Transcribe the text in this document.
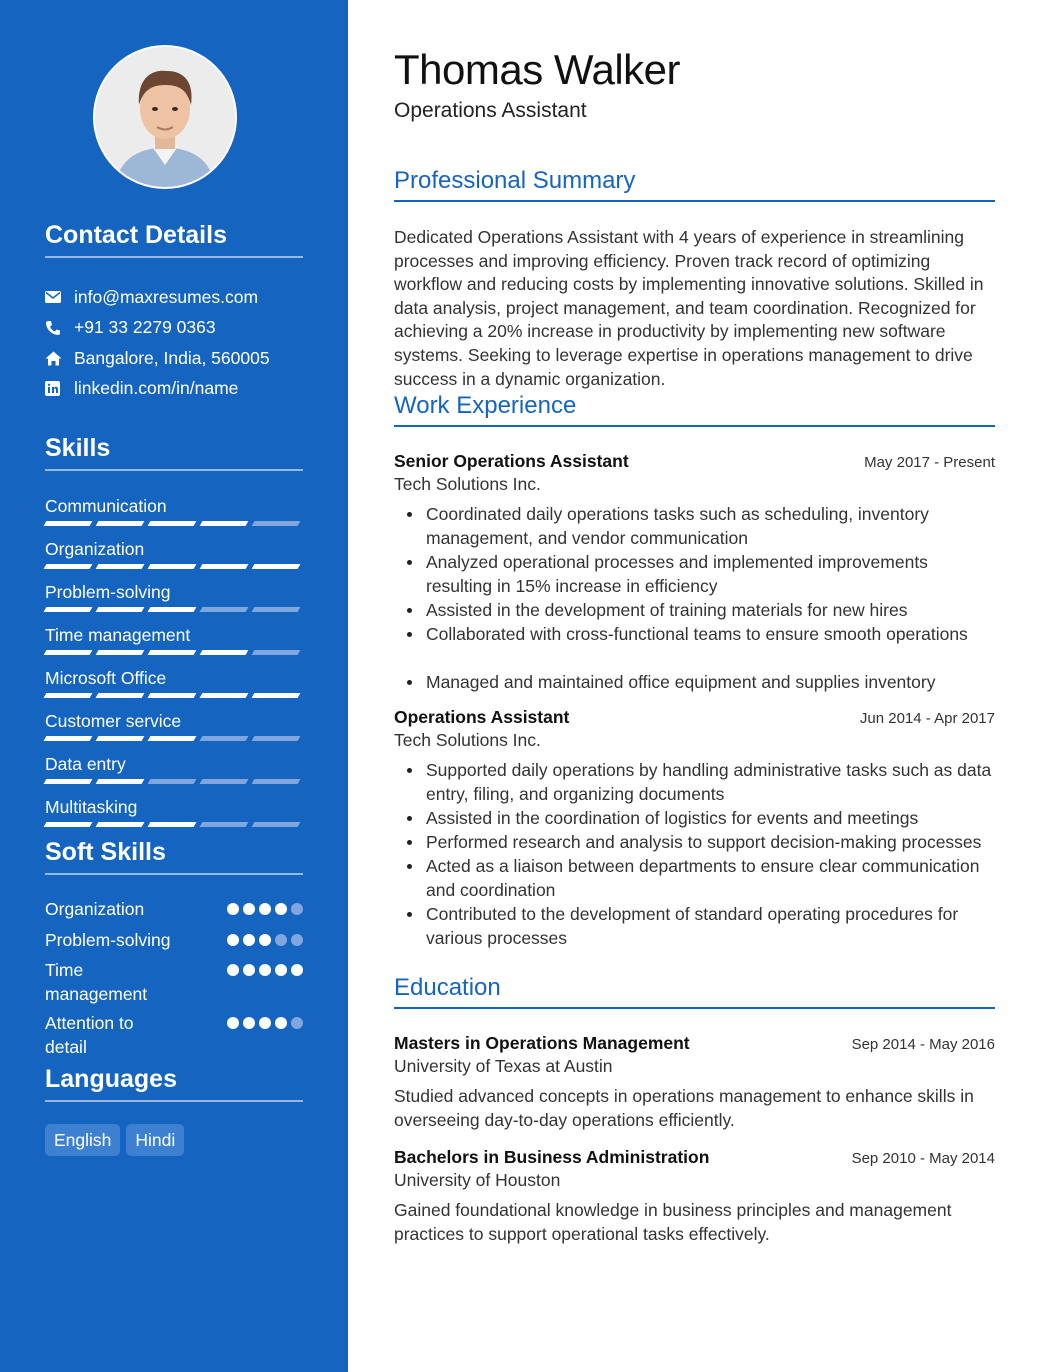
Contact Details
info@maxresumes.com
+91 33 2279 0363
Bangalore, India, 560005
linkedin.com/in/name
Skills
Communication
Organization
Problem-solving
Time management
Microsoft Office
Customer service
Data entry
Multitasking
Soft Skills
Organization
Problem-solving
Time management
Attention to detail
Languages
English	Hindi
Thomas Walker
Operations Assistant
Professional Summary
Dedicated Operations Assistant with 4 years of experience in streamlining processes and improving efficiency. Proven track record of optimizing workflow and reducing costs by implementing innovative solutions. Skilled in data analysis, project management, and team coordination. Recognized for achieving a 20% increase in productivity by implementing new software systems. Seeking to leverage expertise in operations management to drive success in a dynamic organization.
Work Experience
Senior Operations Assistant	May 2017 - Present
Tech Solutions Inc.
Coordinated daily operations tasks such as scheduling, inventory management, and vendor communication
Analyzed operational processes and implemented improvements resulting in 15% increase in efficiency
Assisted in the development of training materials for new hires
Collaborated with cross-functional teams to ensure smooth operations
Managed and maintained office equipment and supplies inventory
Operations Assistant	Jun 2014 - Apr 2017
Tech Solutions Inc.
Supported daily operations by handling administrative tasks such as data entry, filing, and organizing documents
Assisted in the coordination of logistics for events and meetings
Performed research and analysis to support decision-making processes
Acted as a liaison between departments to ensure clear communication and coordination
Contributed to the development of standard operating procedures for various processes
Education
Masters in Operations Management	Sep 2014 - May 2016
University of Texas at Austin
Studied advanced concepts in operations management to enhance skills in overseeing day-to-day operations efficiently.
Bachelors in Business Administration	Sep 2010 - May 2014
University of Houston
Gained foundational knowledge in business principles and management practices to support operational tasks effectively.
